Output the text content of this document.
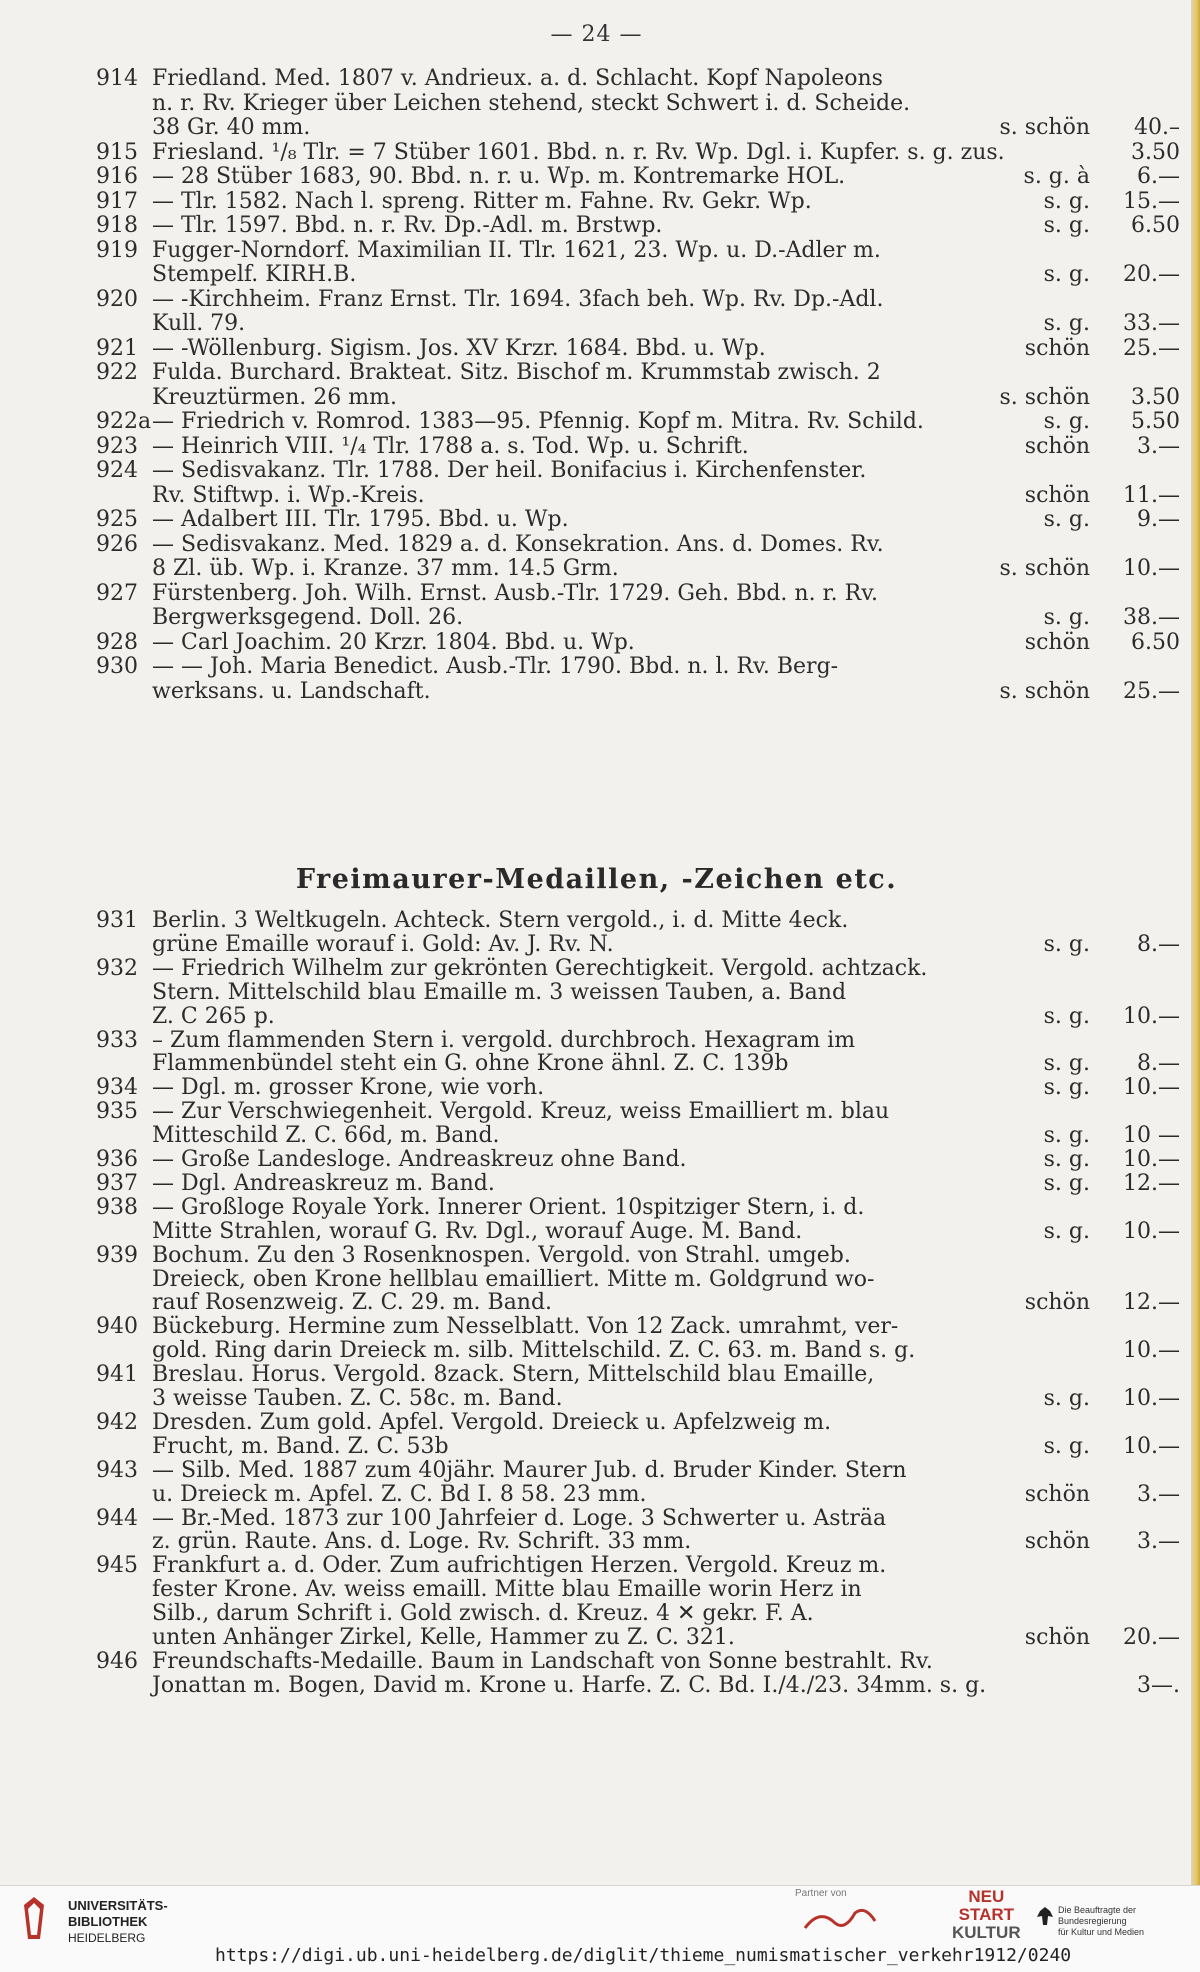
— 24 —
914 Friedland. Med. 1807 v. Andrieux. a. d. Schlacht. Kopf Napoleons
n. r. Rv. Krieger über Leichen stehend, steckt Schwert i. d. Scheide.
38 Gr. 40 mm.	s. schön	40.–
915 Friesland. ¹/₈ Tlr. = 7 Stüber 1601. Bbd. n. r. Rv. Wp. Dgl. i. Kupfer. s. g. zus.	3.50
916 — 28 Stüber 1683, 90. Bbd. n. r. u. Wp. m. Kontremarke HOL.	s. g. à	6.—
917 — Tlr. 1582. Nach l. spreng. Ritter m. Fahne. Rv. Gekr. Wp.	s. g.	15.—
918 — Tlr. 1597. Bbd. n. r. Rv. Dp.-Adl. m. Brstwp.	s. g.	6.50
919 Fugger-Norndorf. Maximilian II. Tlr. 1621, 23. Wp. u. D.-Adler m.
Stempelf. KIRH.B.	s. g.	20.—
920 — -Kirchheim. Franz Ernst. Tlr. 1694. 3fach beh. Wp. Rv. Dp.-Adl.
Kull. 79.	s. g.	33.—
921 — -Wöllenburg. Sigism. Jos. XV Krzr. 1684. Bbd. u. Wp.	schön	25.—
922 Fulda. Burchard. Brakteat. Sitz. Bischof m. Krummstab zwisch. 2
Kreuztürmen. 26 mm.	s. schön	3.50
922a — Friedrich v. Romrod. 1383—95. Pfennig. Kopf m. Mitra. Rv. Schild.	s. g.	5.50
923 — Heinrich VIII. ¹/₄ Tlr. 1788 a. s. Tod. Wp. u. Schrift.	schön	3.—
924 — Sedisvakanz. Tlr. 1788. Der heil. Bonifacius i. Kirchenfenster.
Rv. Stiftwp. i. Wp.-Kreis.	schön	11.—
925 — Adalbert III. Tlr. 1795. Bbd. u. Wp.	s. g.	9.—
926 — Sedisvakanz. Med. 1829 a. d. Konsekration. Ans. d. Domes. Rv.
8 Zl. üb. Wp. i. Kranze. 37 mm. 14.5 Grm.	s. schön	10.—
927 Fürstenberg. Joh. Wilh. Ernst. Ausb.-Tlr. 1729. Geh. Bbd. n. r. Rv.
Bergwerksgegend. Doll. 26.	s. g.	38.—
928 — Carl Joachim. 20 Krzr. 1804. Bbd. u. Wp.	schön	6.50
930 — — Joh. Maria Benedict. Ausb.-Tlr. 1790. Bbd. n. l. Rv. Berg-
werksans. u. Landschaft.	s. schön	25.—
931 Berlin. 3 Weltkugeln. Achteck. Stern vergold., i. d. Mitte 4eck.
grüne Emaille worauf i. Gold: Av. J. Rv. N.	s. g.	8.—
932 — Friedrich Wilhelm zur gekrönten Gerechtigkeit. Vergold. achtzack.
Stern. Mittelschild blau Emaille m. 3 weissen Tauben, a. Band
Z. C 265 p.	s. g.	10.—
933 – Zum flammenden Stern i. vergold. durchbroch. Hexagram im
Flammenbündel steht ein G. ohne Krone ähnl. Z. C. 139b	s. g.	8.—
934 — Dgl. m. grosser Krone, wie vorh.	s. g.	10.—
935 — Zur Verschwiegenheit. Vergold. Kreuz, weiss Emailliert m. blau
Mitteschild Z. C. 66d, m. Band.	s. g.	10 —
936 — Große Landesloge. Andreaskreuz ohne Band.	s. g.	10.—
937 — Dgl. Andreaskreuz m. Band.	s. g.	12.—
938 — Großloge Royale York. Innerer Orient. 10spitziger Stern, i. d.
Mitte Strahlen, worauf G. Rv. Dgl., worauf Auge. M. Band.	s. g.	10.—
939 Bochum. Zu den 3 Rosenknospen. Vergold. von Strahl. umgeb.
Dreieck, oben Krone hellblau emailliert. Mitte m. Goldgrund wo-
rauf Rosenzweig. Z. C. 29. m. Band.	schön	12.—
940 Bückeburg. Hermine zum Nesselblatt. Von 12 Zack. umrahmt, ver-
gold. Ring darin Dreieck m. silb. Mittelschild. Z. C. 63. m. Band s. g.	10.—
941 Breslau. Horus. Vergold. 8zack. Stern, Mittelschild blau Emaille,
3 weisse Tauben. Z. C. 58c. m. Band.	s. g.	10.—
942 Dresden. Zum gold. Apfel. Vergold. Dreieck u. Apfelzweig m.
Frucht, m. Band. Z. C. 53b	s. g.	10.—
943 — Silb. Med. 1887 zum 40jähr. Maurer Jub. d. Bruder Kinder. Stern
u. Dreieck m. Apfel. Z. C. Bd I. 8 58. 23 mm.	schön	3.—
944 — Br.-Med. 1873 zur 100 Jahrfeier d. Loge. 3 Schwerter u. Asträa
z. grün. Raute. Ans. d. Loge. Rv. Schrift. 33 mm.	schön	3.—
945 Frankfurt a. d. Oder. Zum aufrichtigen Herzen. Vergold. Kreuz m.
fester Krone. Av. weiss emaill. Mitte blau Emaille worin Herz in
Silb., darum Schrift i. Gold zwisch. d. Kreuz. 4 ✕ gekr. F. A.
unten Anhänger Zirkel, Kelle, Hammer zu Z. C. 321.	schön	20.—
946 Freundschafts-Medaille. Baum in Landschaft von Sonne bestrahlt. Rv.
Jonattan m. Bogen, David m. Krone u. Harfe. Z. C. Bd. I./4./23. 34mm. s. g.	3—.
Freimaurer-Medaillen, -Zeichen etc.
UNIVERSITÄTS-
BIBLIOTHEK
HEIDELBERG
Partner von	NEU
START
KULTUR
Die Beauftragte der Bundesregierung
für Kultur und Medien
https://digi.ub.uni-heidelberg.de/diglit/thieme_numismatischer_verkehr1912/0240
